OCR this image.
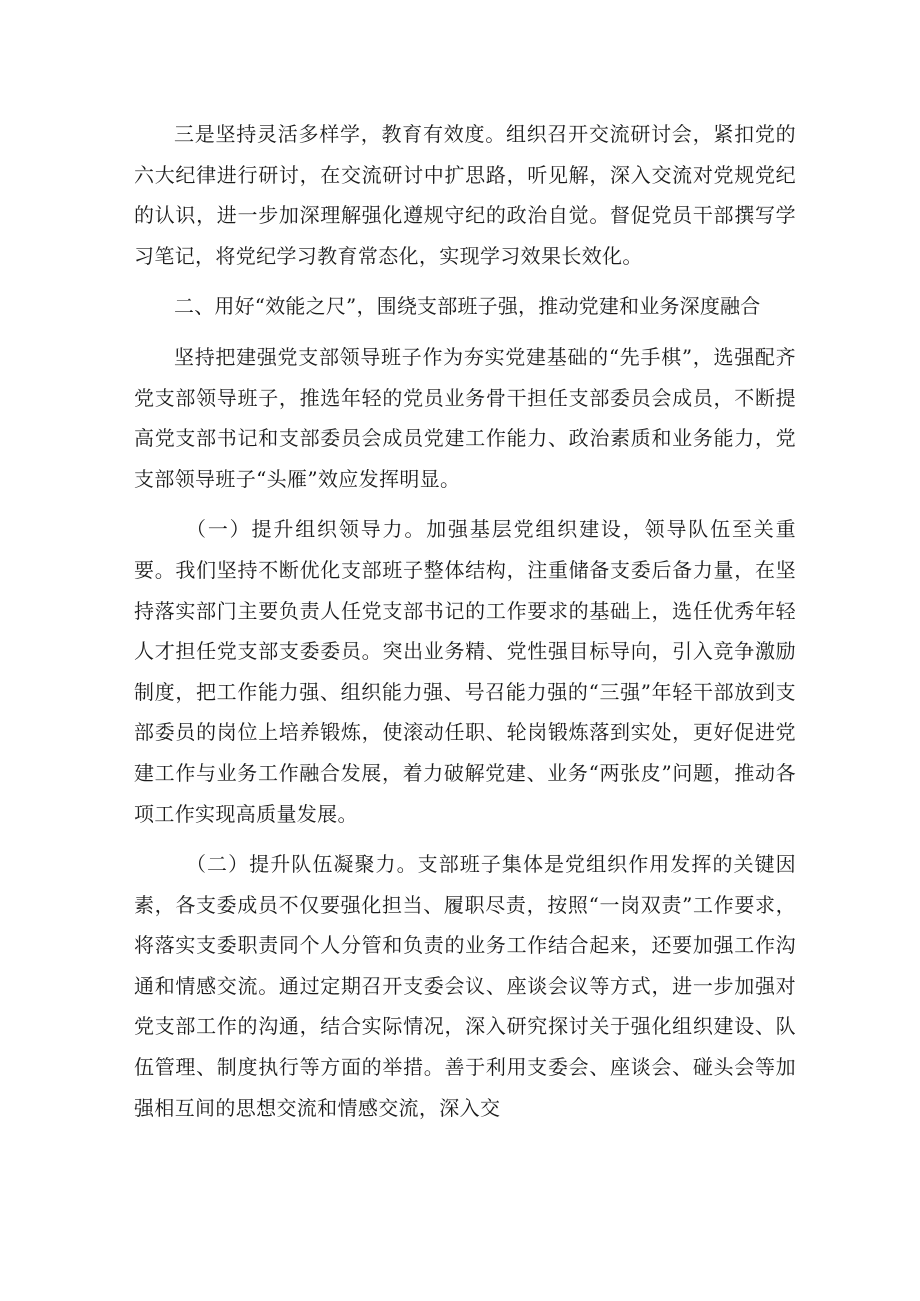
三是坚持灵活多样学，教育有效度。组织召开交流研讨会，紧扣党的六大纪律进行研讨，在交流研讨中扩思路，听见解，深入交流对党规党纪的认识，进一步加深理解强化遵规守纪的政治自觉。督促党员干部撰写学习笔记，将党纪学习教育常态化，实现学习效果长效化。

二、用好“效能之尺”，围绕支部班子强，推动党建和业务深度融合

坚持把建强党支部领导班子作为夯实党建基础的“先手棋”，选强配齐党支部领导班子，推选年轻的党员业务骨干担任支部委员会成员，不断提高党支部书记和支部委员会成员党建工作能力、政治素质和业务能力，党支部领导班子“头雁”效应发挥明显。

（一）提升组织领导力。加强基层党组织建设，领导队伍至关重要。我们坚持不断优化支部班子整体结构，注重储备支委后备力量，在坚持落实部门主要负责人任党支部书记的工作要求的基础上，选任优秀年轻人才担任党支部支委委员。突出业务精、党性强目标导向，引入竞争激励制度，把工作能力强、组织能力强、号召能力强的“三强”年轻干部放到支部委员的岗位上培养锻炼，使滚动任职、轮岗锻炼落到实处，更好促进党建工作与业务工作融合发展，着力破解党建、业务“两张皮”问题，推动各项工作实现高质量发展。

（二）提升队伍凝聚力。支部班子集体是党组织作用发挥的关键因素，各支委成员不仅要强化担当、履职尽责，按照“一岗双责”工作要求，将落实支委职责同个人分管和负责的业务工作结合起来，还要加强工作沟通和情感交流。通过定期召开支委会议、座谈会议等方式，进一步加强对党支部工作的沟通，结合实际情况，深入研究探讨关于强化组织建设、队伍管理、制度执行等方面的举措。善于利用支委会、座谈会、碰头会等加强相互间的思想交流和情感交流，深入交
